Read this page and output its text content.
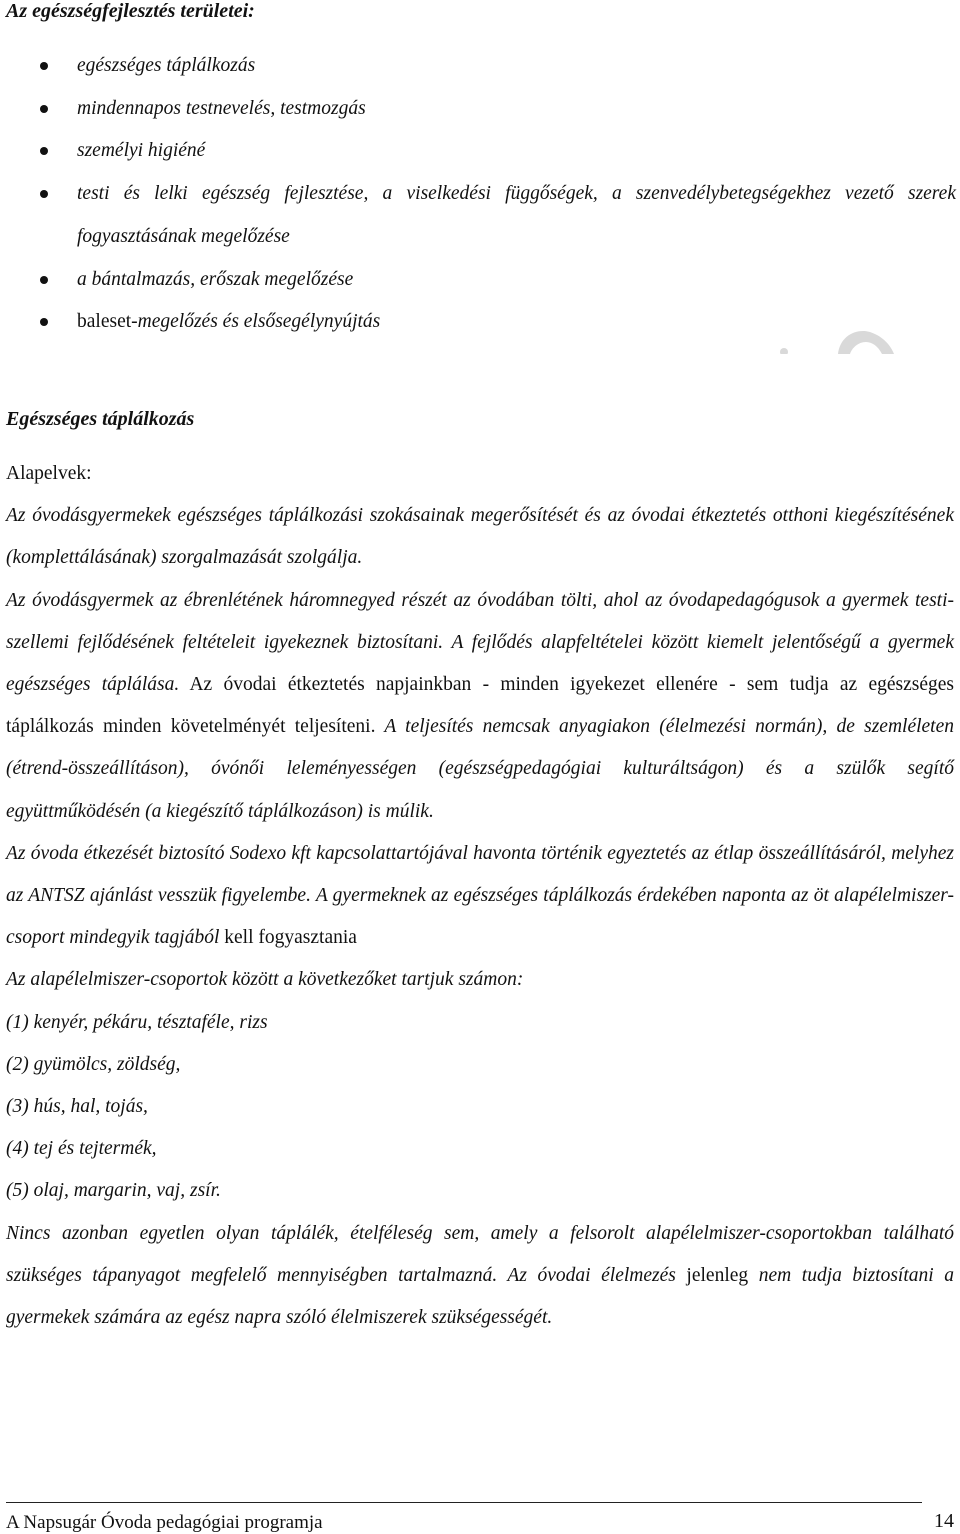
Az egészségfejlesztés területei:
egészséges táplálkozás
mindennapos testnevelés, testmozgás
személyi higiéné
testi és lelki egészség fejlesztése, a viselkedési függőségek, a szenvedélybetegségekhez vezető szerek fogyasztásának megelőzése
a bántalmazás, erőszak megelőzése
baleset-megelőzés és elsősegélynyújtás
Egészséges táplálkozás

Alapelvek:

Az óvodásgyermekek egészséges táplálkozási szokásainak megerősítését és az óvodai étkeztetés otthoni kiegészítésének (komplettálásának) szorgalmazását szolgálja.

Az óvodásgyermek az ébrenlétének háromnegyed részét az óvodában tölti, ahol az óvodapedagógusok a gyermek testi-szellemi fejlődésének feltételeit igyekeznek biztosítani. A fejlődés alapfeltételei között kiemelt jelentőségű a gyermek egészséges táplálása. Az óvodai étkeztetés napjainkban - minden igyekezet ellenére - sem tudja az egészséges táplálkozás minden követelményét teljesíteni. A teljesítés nemcsak anyagiakon (élelmezési normán), de szemléleten (étrend-összeállításon), óvónői leleményességen (egészségpedagógiai kulturáltságon) és a szülők segítő együttműködésén (a kiegészítő táplálkozáson) is múlik.

Az óvoda étkezését biztosító Sodexo kft kapcsolattartójával havonta történik egyeztetés az étlap összeállításáról, melyhez az ANTSZ ajánlást vesszük figyelembe. A gyermeknek az egészséges táplálkozás érdekében naponta az öt alapélelmiszer-csoport mindegyik tagjából kell fogyasztania

Az alapélelmiszer-csoportok között a következőket tartjuk számon:

(1) kenyér, pékáru, tésztaféle, rizs

(2) gyümölcs, zöldség,

(3) hús, hal, tojás,

(4) tej és tejtermék,

(5) olaj, margarin, vaj, zsír.

Nincs azonban egyetlen olyan táplálék, ételféleség sem, amely a felsorolt alapélelmiszer-csoportokban található szükséges tápanyagot megfelelő mennyiségben tartalmazná. Az óvodai élelmezés jelenleg nem tudja biztosítani a gyermekek számára az egész napra szóló élelmiszerek szükségességét.

A Napsugár Óvoda pedagógiai programja	14
